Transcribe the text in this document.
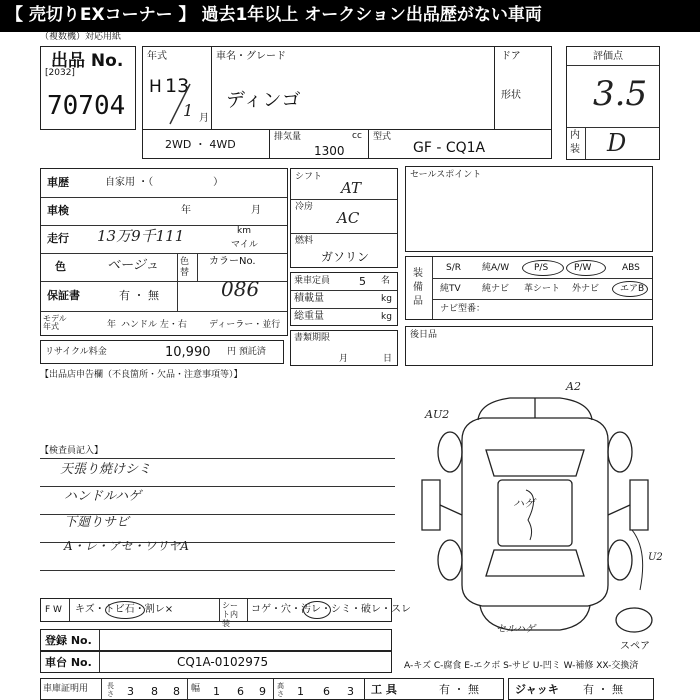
【 売切りEXコーナー 】 過去1年以上 オークション出品歴がない車両
（複数機）対応用紙
出品 No.
[2032]
70704
年式
H 13
1 月
車名・グレード
ディンゴ
ドア
形状
評価点
3.5
内
装 D
2WD ・ 4WD
排気量	cc
1300
型式
GF - CQ1A
車歴	自家用 ・（　　　　　　）
車検	年	月
走行 13万9千111	km
マイル
色	ベージュ 色替
カラーNo.
086
保証書	有 ・ 無
モデル年式	年 ハンドル 左・右 ディーラー・並行
シフト
AT
冷房
AC
燃料
ガソリン
乗車定員	5 名
積載量	kg
総重量	kg
セールスポイント
装備品
S/R 純A/W	P/S	P/W	ABS
純TV 純ナビ 革シート 外ナビ エアB
ナビ型番：
リサイクル料金	10,990 円 預託済
書類期限
月	日
後日品
【出品店申告欄（不良箇所・欠品・注意事項等）】
【検査員記入】
天張り焼けシミ
ハンドルハゲ
下廻りサビ
A・レ・アセ・ワリヤA
A2
AU2
ハゲ
U2
セルハゲ
スペア
F W キズ・トビ石・割レ×	シート内装
コゲ・穴・汚レ・シミ・破レ・スレ
登録 No.
車台 No.	CQ1A-0102975	A-キズ C-腐食 E-エクボ S-サビ U-凹ミ W-補修 XX-交換済
車庫証明用	長さ 3 8 8 幅 1 6 9 高さ 1 6 3 工 具	有 ・ 無	ジャッキ 有 ・ 無
